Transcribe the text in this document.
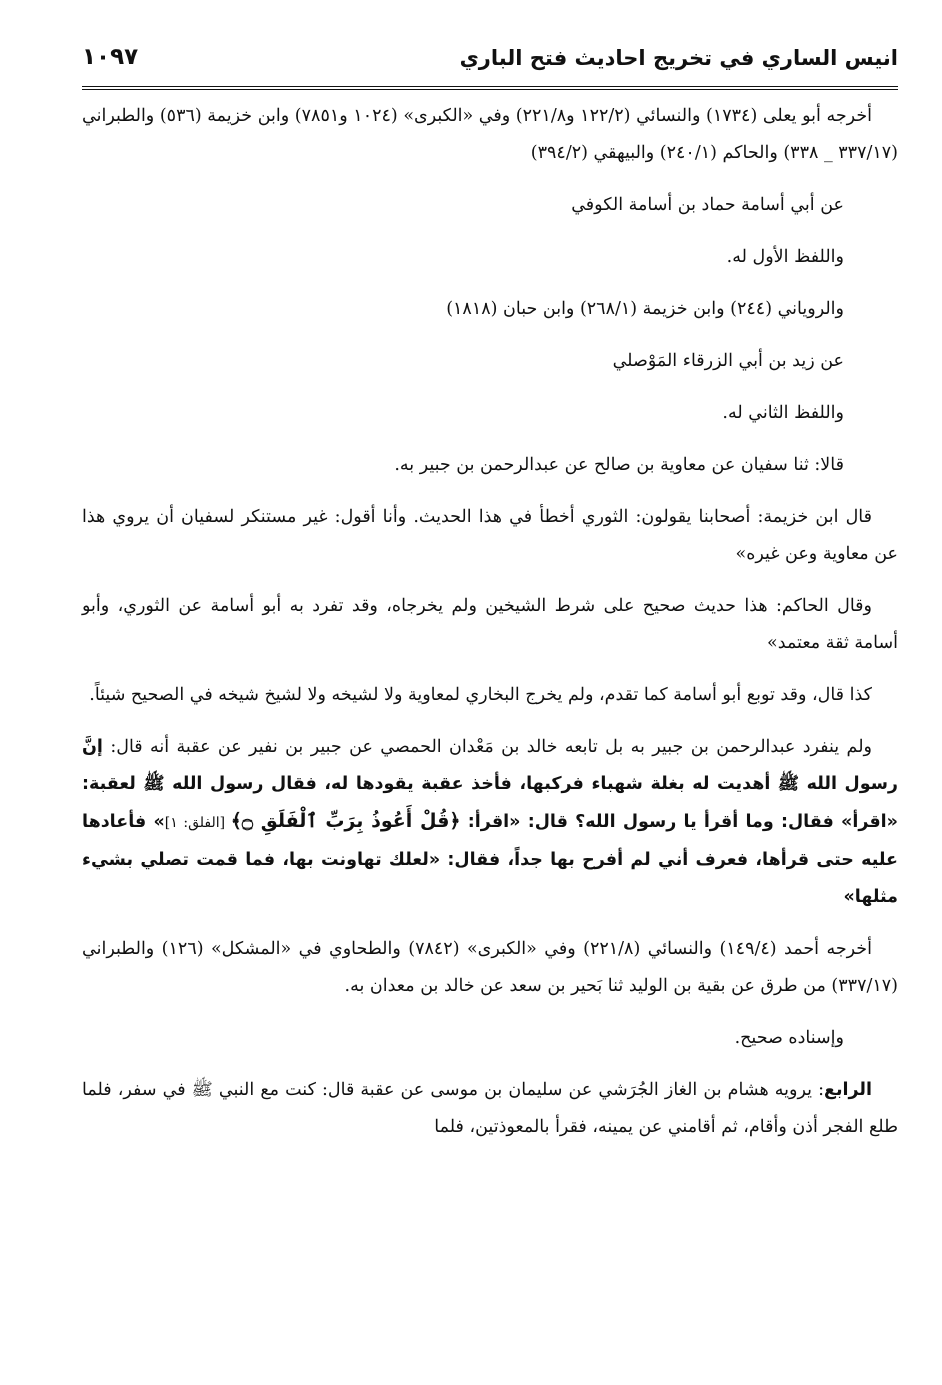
انيس الساري في تخريج احاديث فتح الباري
١٠٩٧

أخرجه أبو يعلى (١٧٣٤) والنسائي (١٢٢/٢ و٢٢١/٨) وفي «الكبرى» (١٠٢٤ و٧٨٥١) وابن خزيمة (٥٣٦) والطبراني (٣٣٧/١٧ _ ٣٣٨) والحاكم (٢٤٠/١) والبيهقي (٣٩٤/٢)

عن أبي أسامة حماد بن أسامة الكوفي

واللفظ الأول له.

والروياني (٢٤٤) وابن خزيمة (٢٦٨/١) وابن حبان (١٨١٨)

عن زيد بن أبي الزرقاء المَوْصلي

واللفظ الثاني له.

قالا: ثنا سفيان عن معاوية بن صالح عن عبدالرحمن بن جبير به.

قال ابن خزيمة: أصحابنا يقولون: الثوري أخطأ في هذا الحديث. وأنا أقول: غير مستنكر لسفيان أن يروي هذا عن معاوية وعن غيره»

وقال الحاكم: هذا حديث صحيح على شرط الشيخين ولم يخرجاه، وقد تفرد به أبو أسامة عن الثوري، وأبو أسامة ثقة معتمد»

كذا قال، وقد توبع أبو أسامة كما تقدم، ولم يخرج البخاري لمعاوية ولا لشيخه ولا لشيخ شيخه في الصحيح شيئاً.

ولم ينفرد عبدالرحمن بن جبير به بل تابعه خالد بن مَعْدان الحمصي عن جبير بن نفير عن عقبة أنه قال: إنَّ رسول الله ﷺ أهديت له بغلة شهباء فركبها، فأخذ عقبة يقودها له، فقال رسول الله ﷺ لعقبة: «اقرأ» فقال: وما أقرأ يا رسول الله؟ قال: «اقرأ: ﴿قُلْ أَعُوذُ بِرَبِّ ٱلْفَلَقِ ۝﴾ [الفلق: ١]» فأعادها عليه حتى قرأها، فعرف أني لم أفرح بها جداً، فقال: «لعلك تهاونت بها، فما قمت تصلي بشيء مثلها»

أخرجه أحمد (١٤٩/٤) والنسائي (٢٢١/٨) وفي «الكبرى» (٧٨٤٢) والطحاوي في «المشكل» (١٢٦) والطبراني (٣٣٧/١٧) من طرق عن بقية بن الوليد ثنا بَحير بن سعد عن خالد بن معدان به.

وإسناده صحيح.

الرابع: يرويه هشام بن الغاز الجُرَشي عن سليمان بن موسى عن عقبة قال: كنت مع النبي ﷺ في سفر، فلما طلع الفجر أذن وأقام، ثم أقامني عن يمينه، فقرأ بالمعوذتين، فلما
